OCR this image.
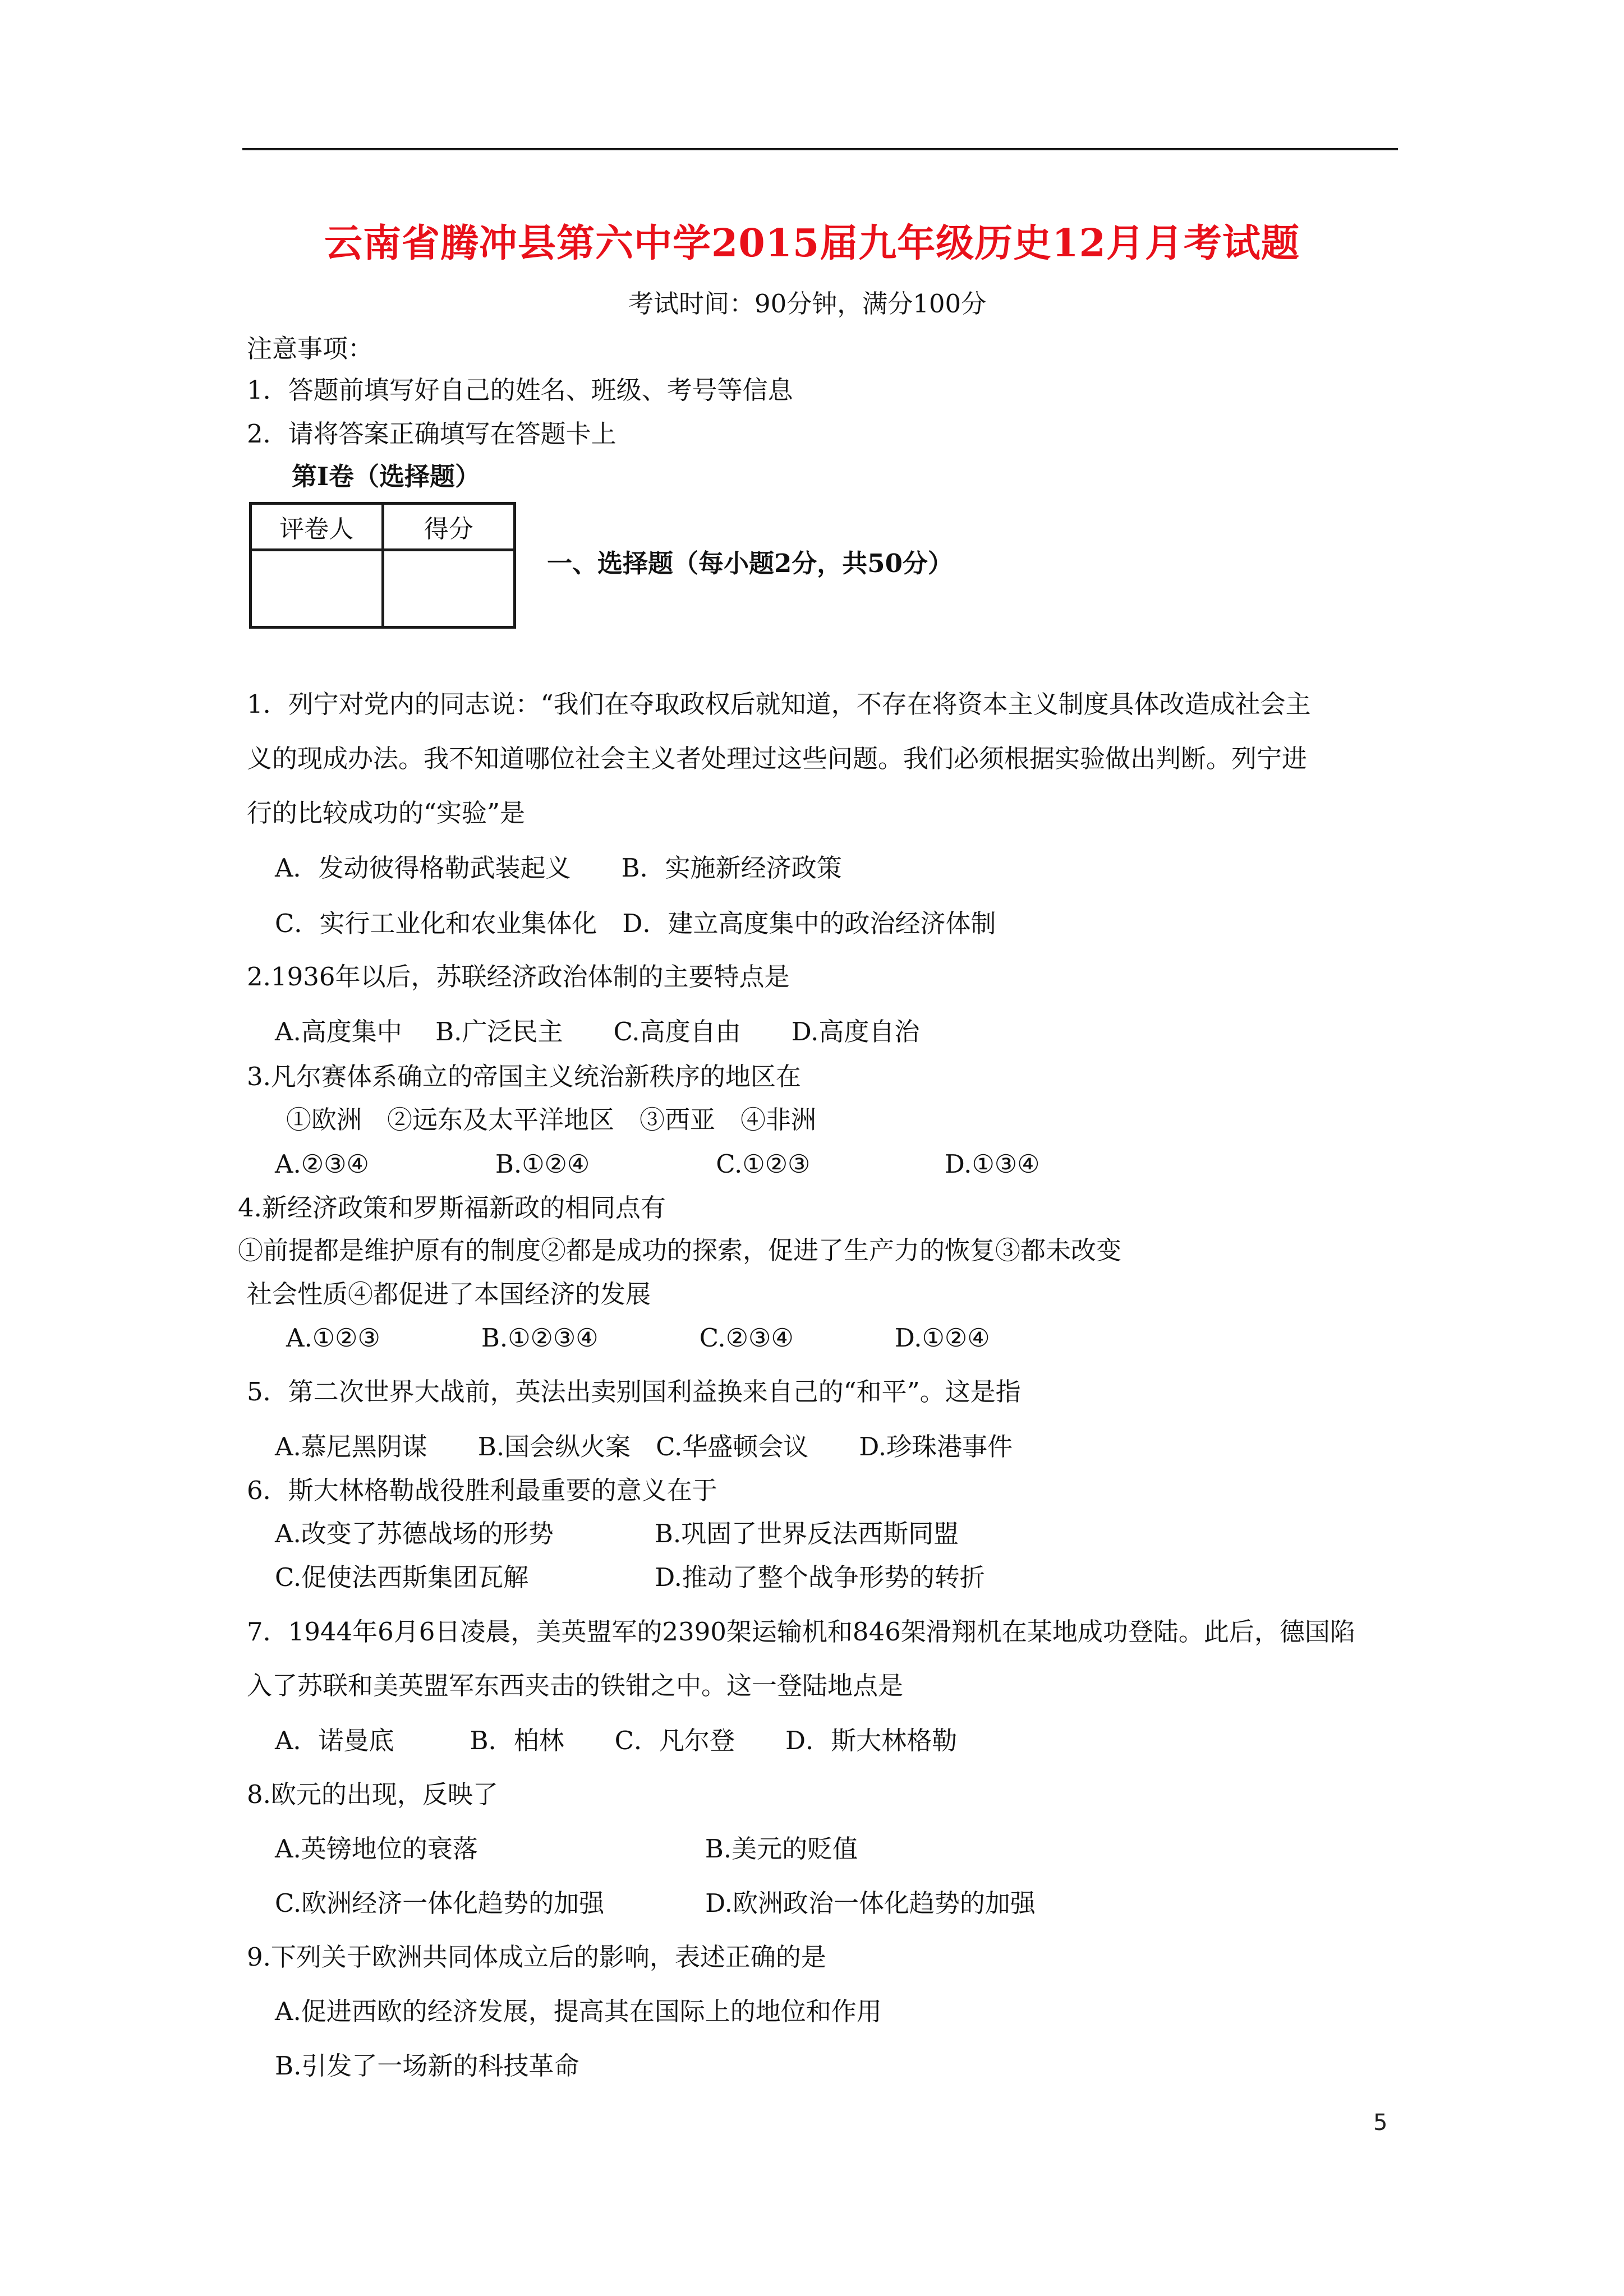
云南省腾冲县第六中学2015届九年级历史12月月考试题
考试时间：90分钟，满分100分
注意事项：
1．答题前填写好自己的姓名、班级、考号等信息
2．请将答案正确填写在答题卡上
第Ⅰ卷（选择题）
评卷人	得分

一、选择题（每小题2分，共50分）
1．列宁对党内的同志说：“我们在夺取政权后就知道，不存在将资本主义制度具体改造成社会主
义的现成办法。我不知道哪位社会主义者处理过这些问题。我们必须根据实验做出判断。列宁进
行的比较成功的“实验”是
A．发动彼得格勒武装起义　　B．实施新经济政策
C．实行工业化和农业集体化　D．建立高度集中的政治经济体制
2.1936年以后，苏联经济政治体制的主要特点是
A.高度集中　 B.广泛民主　　C.高度自由　　D.高度自治
3.凡尔赛体系确立的帝国主义统治新秩序的地区在
①欧洲　②远东及太平洋地区　③西亚　④非洲
A.②③④　　　　　B.①②④　　　　　C.①②③　　　　　 D.①③④
4.新经济政策和罗斯福新政的相同点有
①前提都是维护原有的制度②都是成功的探索，促进了生产力的恢复③都未改变
社会性质④都促进了本国经济的发展
A.①②③　　　　B.①②③④　　　　C.②③④　　　　D.①②④
5．第二次世界大战前，英法出卖别国利益换来自己的“和平”。这是指
A.慕尼黑阴谋　　B.国会纵火案　C.华盛顿会议　　D.珍珠港事件
6．斯大林格勒战役胜利最重要的意义在于
A.改变了苏德战场的形势　　　　B.巩固了世界反法西斯同盟
C.促使法西斯集团瓦解　　　　　D.推动了整个战争形势的转折
7．1944年6月6日凌晨，美英盟军的2390架运输机和846架滑翔机在某地成功登陆。此后，德国陷
入了苏联和美英盟军东西夹击的铁钳之中。这一登陆地点是
A．诺曼底　　　B．柏林　　C．凡尔登　　D．斯大林格勒
8.欧元的出现，反映了
A.英镑地位的衰落　　　　　　　　　B.美元的贬值
C.欧洲经济一体化趋势的加强　　　　D.欧洲政治一体化趋势的加强
9.下列关于欧洲共同体成立后的影响，表述正确的是
A.促进西欧的经济发展，提高其在国际上的地位和作用
B.引发了一场新的科技革命
5
